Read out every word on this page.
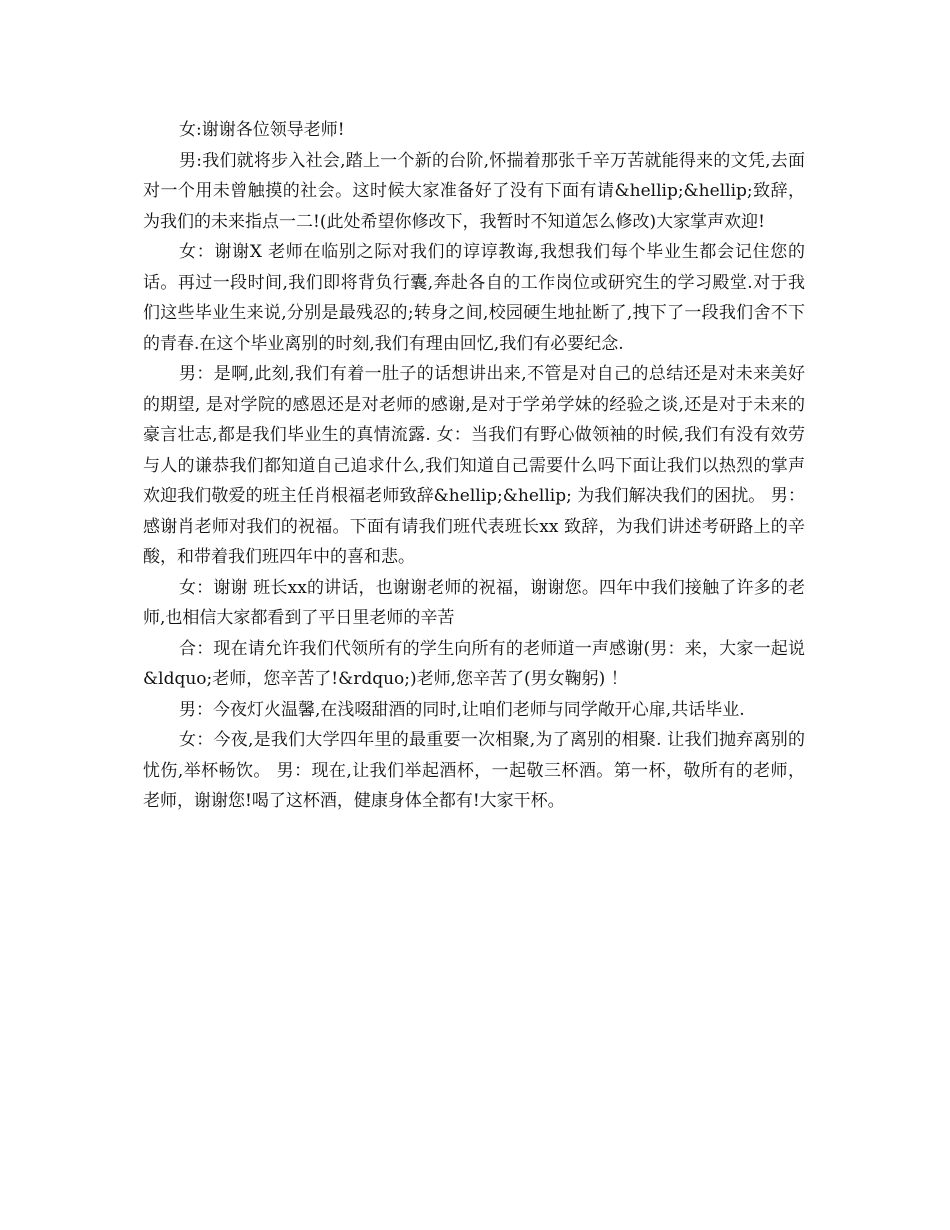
女:谢谢各位领导老师!

男:我们就将步入社会,踏上一个新的台阶,怀揣着那张千辛万苦就能得来的文凭,去面对一个用未曾触摸的社会。这时候大家准备好了没有下面有请&hellip;&hellip;致辞，为我们的未来指点一二!(此处希望你修改下，我暂时不知道怎么修改)大家掌声欢迎!

女：谢谢X 老师在临别之际对我们的谆谆教诲,我想我们每个毕业生都会记住您的话。再过一段时间,我们即将背负行囊,奔赴各自的工作岗位或研究生的学习殿堂.对于我们这些毕业生来说,分别是最残忍的;转身之间,校园硬生地扯断了,拽下了一段我们舍不下的青春.在这个毕业离别的时刻,我们有理由回忆,我们有必要纪念.

男：是啊,此刻,我们有着一肚子的话想讲出来,不管是对自己的总结还是对未来美好的期望, 是对学院的感恩还是对老师的感谢,是对于学弟学妹的经验之谈,还是对于未来的豪言壮志,都是我们毕业生的真情流露. 女：当我们有野心做领袖的时候,我们有没有效劳与人的谦恭我们都知道自己追求什么,我们知道自己需要什么吗下面让我们以热烈的掌声欢迎我们敬爱的班主任肖根福老师致辞&hellip;&hellip; 为我们解决我们的困扰。 男：感谢肖老师对我们的祝福。下面有请我们班代表班长xx 致辞，为我们讲述考研路上的辛酸，和带着我们班四年中的喜和悲。

女：谢谢 班长xx的讲话，也谢谢老师的祝福，谢谢您。四年中我们接触了许多的老师,也相信大家都看到了平日里老师的辛苦

合：现在请允许我们代领所有的学生向所有的老师道一声感谢(男：来，大家一起说&ldquo;老师，您辛苦了!&rdquo;)老师,您辛苦了(男女鞠躬) ！

男：今夜灯火温馨,在浅啜甜酒的同时,让咱们老师与同学敞开心扉,共话毕业.

女：今夜,是我们大学四年里的最重要一次相聚,为了离别的相聚. 让我们抛弃离别的忧伤,举杯畅饮。 男：现在,让我们举起酒杯，一起敬三杯酒。第一杯，敬所有的老师，老师，谢谢您!喝了这杯酒，健康身体全都有!大家干杯。
